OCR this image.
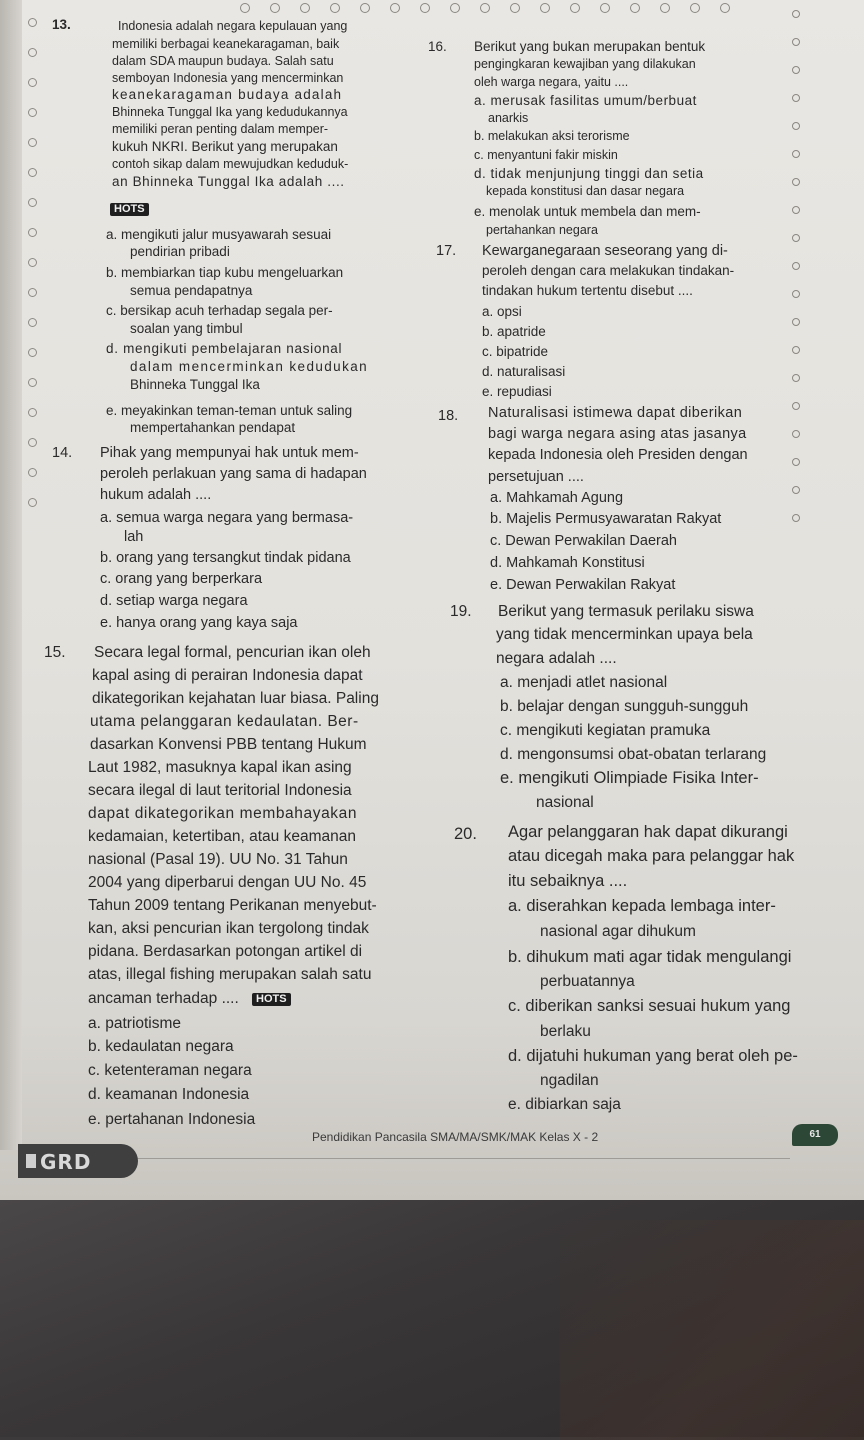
13.	Indonesia adalah negara kepulauan yang
memiliki berbagai keanekaragaman, baik
dalam SDA maupun budaya. Salah satu
semboyan Indonesia yang mencerminkan
keanekaragaman budaya adalah
Bhinneka Tunggal Ika yang kedudukannya
memiliki peran penting dalam memper-
kukuh NKRI. Berikut yang merupakan
contoh sikap dalam mewujudkan keduduk-
an Bhinneka Tunggal Ika adalah ....
HOTS
a. mengikuti jalur musyawarah sesuai
pendirian pribadi
b. membiarkan tiap kubu mengeluarkan
semua pendapatnya
c. bersikap acuh terhadap segala per-
soalan yang timbul
d. mengikuti pembelajaran nasional
dalam mencerminkan kedudukan
Bhinneka Tunggal Ika
e. meyakinkan teman-teman untuk saling
mempertahankan pendapat
14. Pihak yang mempunyai hak untuk mem-
peroleh perlakuan yang sama di hadapan
hukum adalah ....
a. semua warga negara yang bermasa-
lah
b. orang yang tersangkut tindak pidana
c. orang yang berperkara
d. setiap warga negara
e. hanya orang yang kaya saja
15. Secara legal formal, pencurian ikan oleh
kapal asing di perairan Indonesia dapat
dikategorikan kejahatan luar biasa. Paling
utama pelanggaran kedaulatan. Ber-
dasarkan Konvensi PBB tentang Hukum
Laut 1982, masuknya kapal ikan asing
secara ilegal di laut teritorial Indonesia
dapat dikategorikan membahayakan
kedamaian, ketertiban, atau keamanan
nasional (Pasal 19). UU No. 31 Tahun
2004 yang diperbarui dengan UU No. 45
Tahun 2009 tentang Perikanan menyebut-
kan, aksi pencurian ikan tergolong tindak
pidana. Berdasarkan potongan artikel di
atas, illegal fishing merupakan salah satu
ancaman terhadap ....	HOTS
a. patriotisme
b. kedaulatan negara
c. ketenteraman negara
d. keamanan Indonesia
e. pertahanan Indonesia
16. Berikut yang bukan merupakan bentuk
pengingkaran kewajiban yang dilakukan
oleh warga negara, yaitu ....
a. merusak fasilitas umum/berbuat
anarkis
b. melakukan aksi terorisme
c. menyantuni fakir miskin
d. tidak menjunjung tinggi dan setia
kepada konstitusi dan dasar negara
e. menolak untuk membela dan mem-
pertahankan negara
17. Kewarganegaraan seseorang yang di-
peroleh dengan cara melakukan tindakan-
tindakan hukum tertentu disebut ....
a. opsi
b. apatride
c. bipatride
d. naturalisasi
e. repudiasi
18. Naturalisasi istimewa dapat diberikan
bagi warga negara asing atas jasanya
kepada Indonesia oleh Presiden dengan
persetujuan ....
a. Mahkamah Agung
b. Majelis Permusyawaratan Rakyat
c. Dewan Perwakilan Daerah
d. Mahkamah Konstitusi
e. Dewan Perwakilan Rakyat
19. Berikut yang termasuk perilaku siswa
yang tidak mencerminkan upaya bela
negara adalah ....
a. menjadi atlet nasional
b. belajar dengan sungguh-sungguh
c. mengikuti kegiatan pramuka
d. mengonsumsi obat-obatan terlarang
e. mengikuti Olimpiade Fisika Inter-
nasional
20. Agar pelanggaran hak dapat dikurangi
atau dicegah maka para pelanggar hak
itu sebaiknya ....
a. diserahkan kepada lembaga inter-
nasional agar dihukum
b. dihukum mati agar tidak mengulangi
perbuatannya
c. diberikan sanksi sesuai hukum yang
berlaku
d. dijatuhi hukuman yang berat oleh pe-
ngadilan
e. dibiarkan saja
Pendidikan Pancasila SMA/MA/SMK/MAK Kelas X - 2	61
GRD
